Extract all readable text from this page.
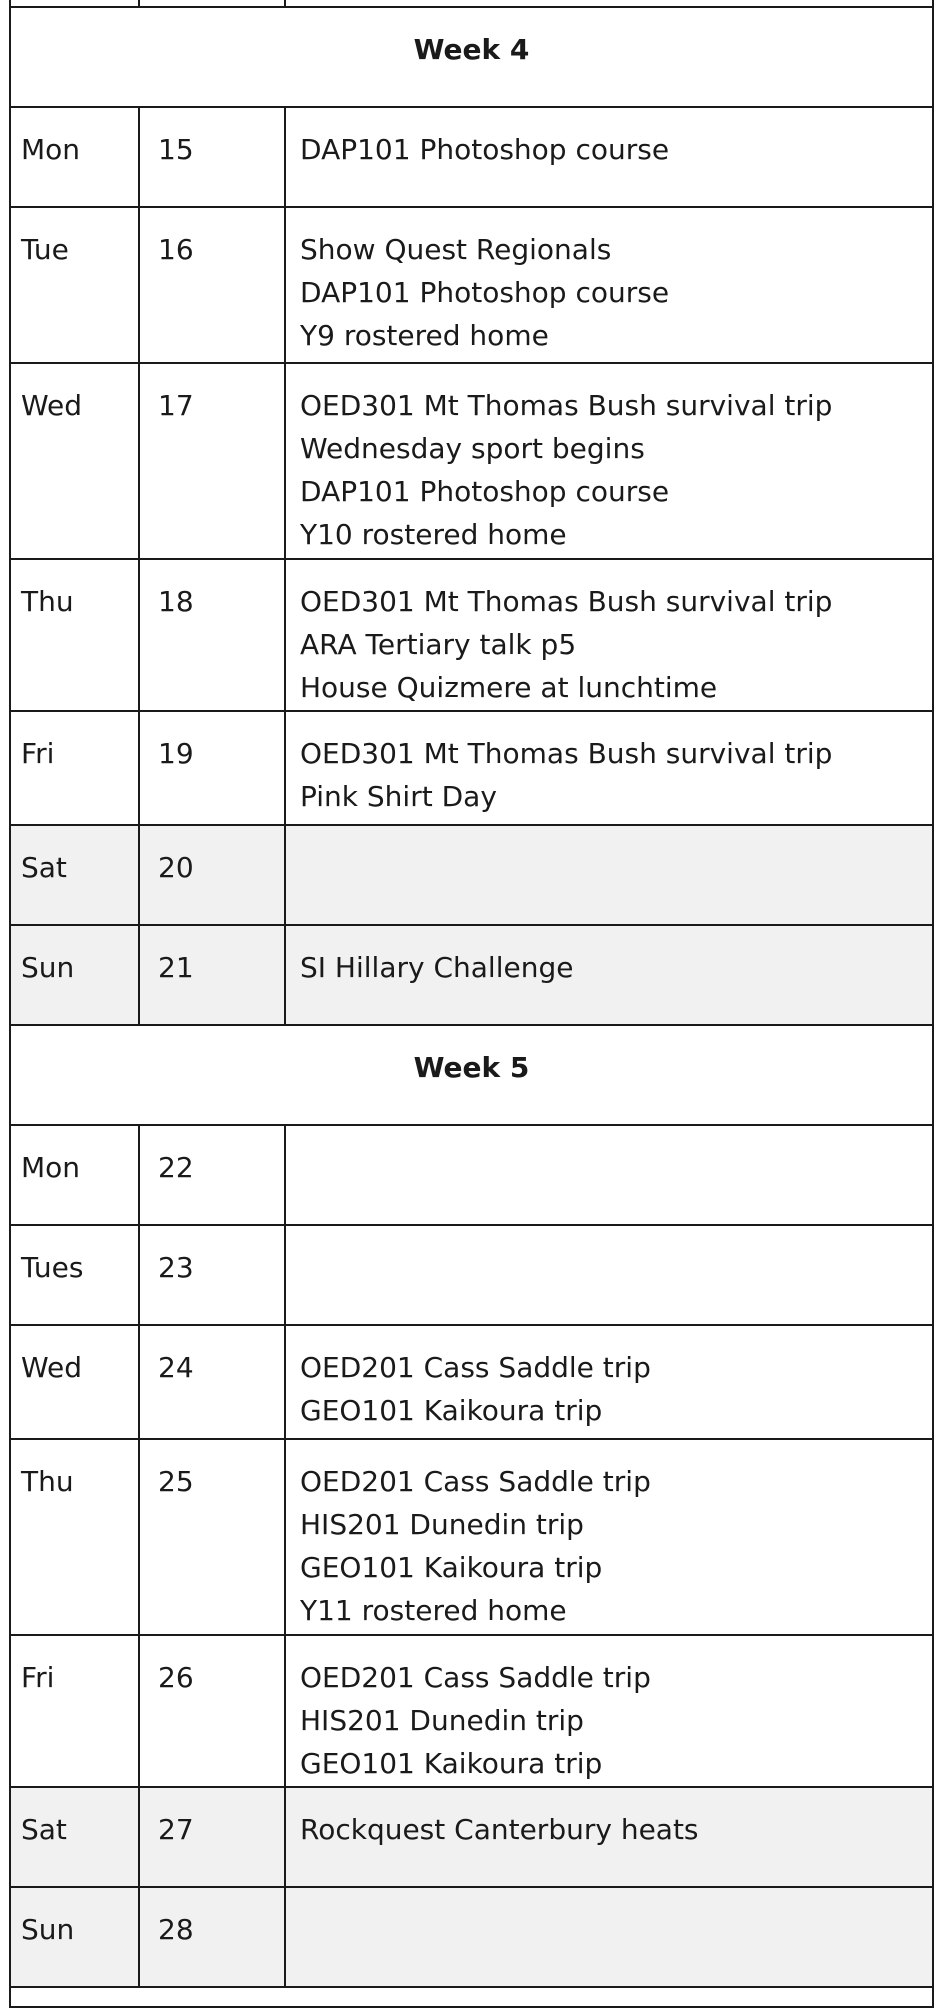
Week 4		
Mon	15	DAP101 Photoshop course

Tue	16	Show Quest Regionals
DAP101 Photoshop course
Y9 rostered home

Wed	17	OED301 Mt Thomas Bush survival trip
Wednesday sport begins
DAP101 Photoshop course
Y10 rostered home

Thu	18	OED301 Mt Thomas Bush survival trip
ARA Tertiary talk p5
House Quizmere at lunchtime

Fri	19	OED301 Mt Thomas Bush survival trip
Pink Shirt Day

Sat	20	
Sun	21	SI Hillary Challenge

Week 5		
Mon	22	
Tues	23	
Wed	24	OED201 Cass Saddle trip
GEO101 Kaikoura trip

Thu	25	OED201 Cass Saddle trip
HIS201 Dunedin trip
GEO101 Kaikoura trip
Y11 rostered home

Fri	26	OED201 Cass Saddle trip
HIS201 Dunedin trip
GEO101 Kaikoura trip

Sat	27	Rockquest Canterbury heats

Sun	28	
